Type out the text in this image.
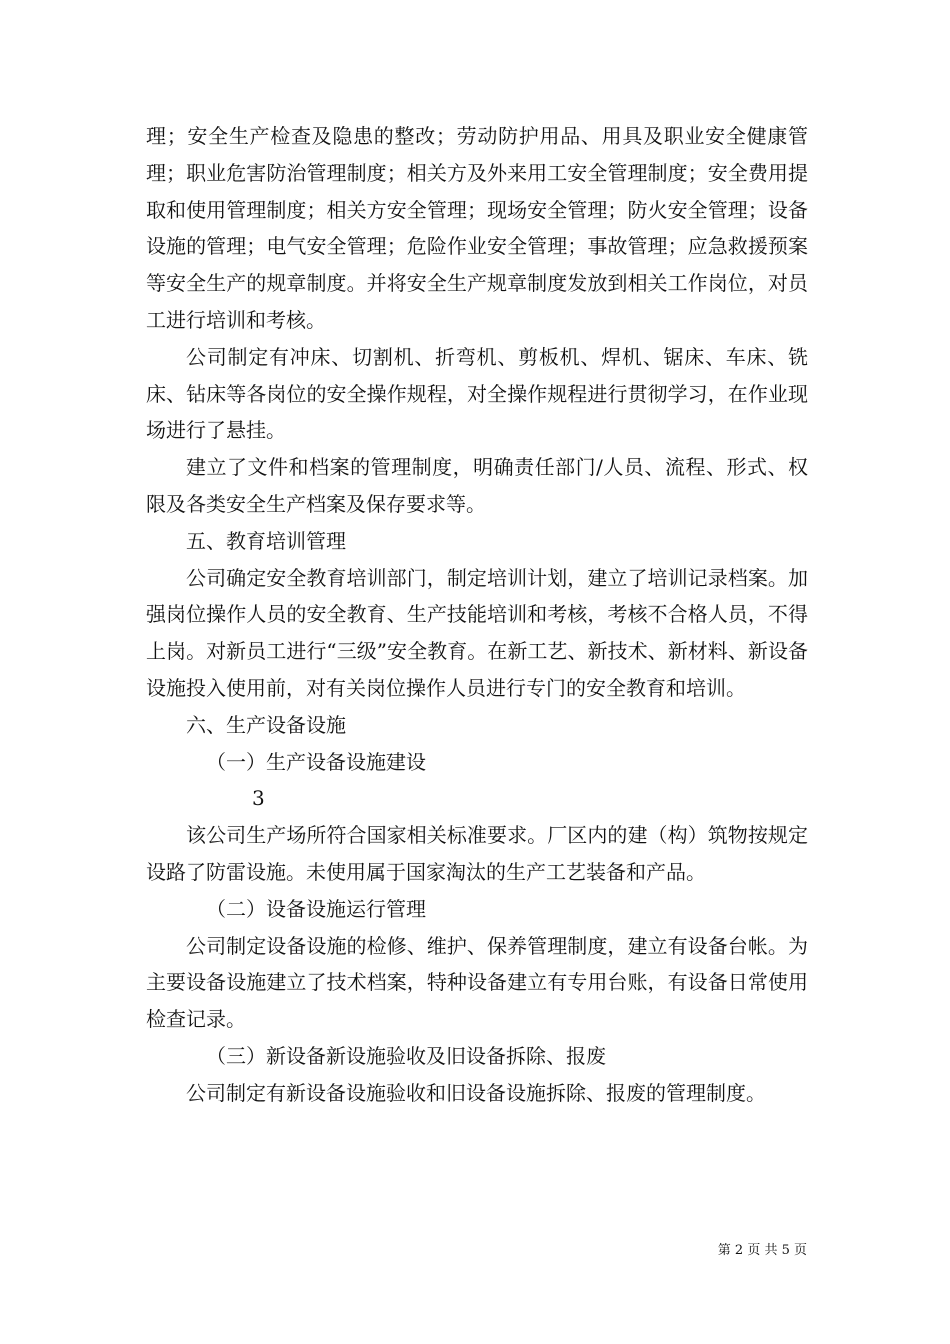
理；安全生产检查及隐患的整改；劳动防护用品、用具及职业安全健康管理；职业危害防治管理制度；相关方及外来用工安全管理制度；安全费用提取和使用管理制度；相关方安全管理；现场安全管理；防火安全管理；设备设施的管理；电气安全管理；危险作业安全管理；事故管理；应急救援预案等安全生产的规章制度。并将安全生产规章制度发放到相关工作岗位，对员工进行培训和考核。

公司制定有冲床、切割机、折弯机、剪板机、焊机、锯床、车床、铣床、钻床等各岗位的安全操作规程，对全操作规程进行贯彻学习，在作业现场进行了悬挂。

建立了文件和档案的管理制度，明确责任部门/人员、流程、形式、权限及各类安全生产档案及保存要求等。

五、教育培训管理

公司确定安全教育培训部门，制定培训计划，建立了培训记录档案。加强岗位操作人员的安全教育、生产技能培训和考核，考核不合格人员，不得上岗。对新员工进行“三级”安全教育。在新工艺、新技术、新材料、新设备设施投入使用前，对有关岗位操作人员进行专门的安全教育和培训。

六、生产设备设施

（一）生产设备设施建设

3

该公司生产场所符合国家相关标准要求。厂区内的建（构）筑物按规定设路了防雷设施。未使用属于国家淘汰的生产工艺装备和产品。

（二）设备设施运行管理

公司制定设备设施的检修、维护、保养管理制度，建立有设备台帐。为主要设备设施建立了技术档案，特种设备建立有专用台账，有设备日常使用检查记录。

（三）新设备新设施验收及旧设备拆除、报废

公司制定有新设备设施验收和旧设备设施拆除、报废的管理制度。

第 2 页 共 5 页
